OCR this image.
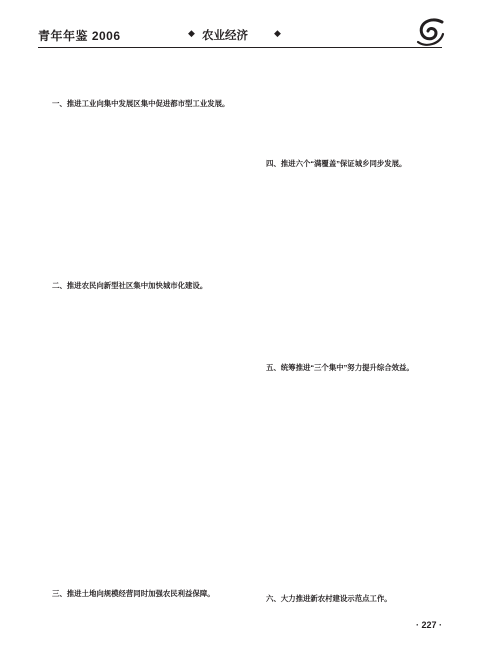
青年年鉴 2006	◆ 农业经济	◆
一、推进工业向集中发展区集中促进都市型工业发展。
二、推进农民向新型社区集中加快城市化建设。
三、推进土地向规模经营同时加强农民利益保障。
四、推进六个“满覆盖”保证城乡同步发展。
五、统筹推进“三个集中”努力提升综合效益。
六、大力推进新农村建设示范点工作。
· 227 ·
